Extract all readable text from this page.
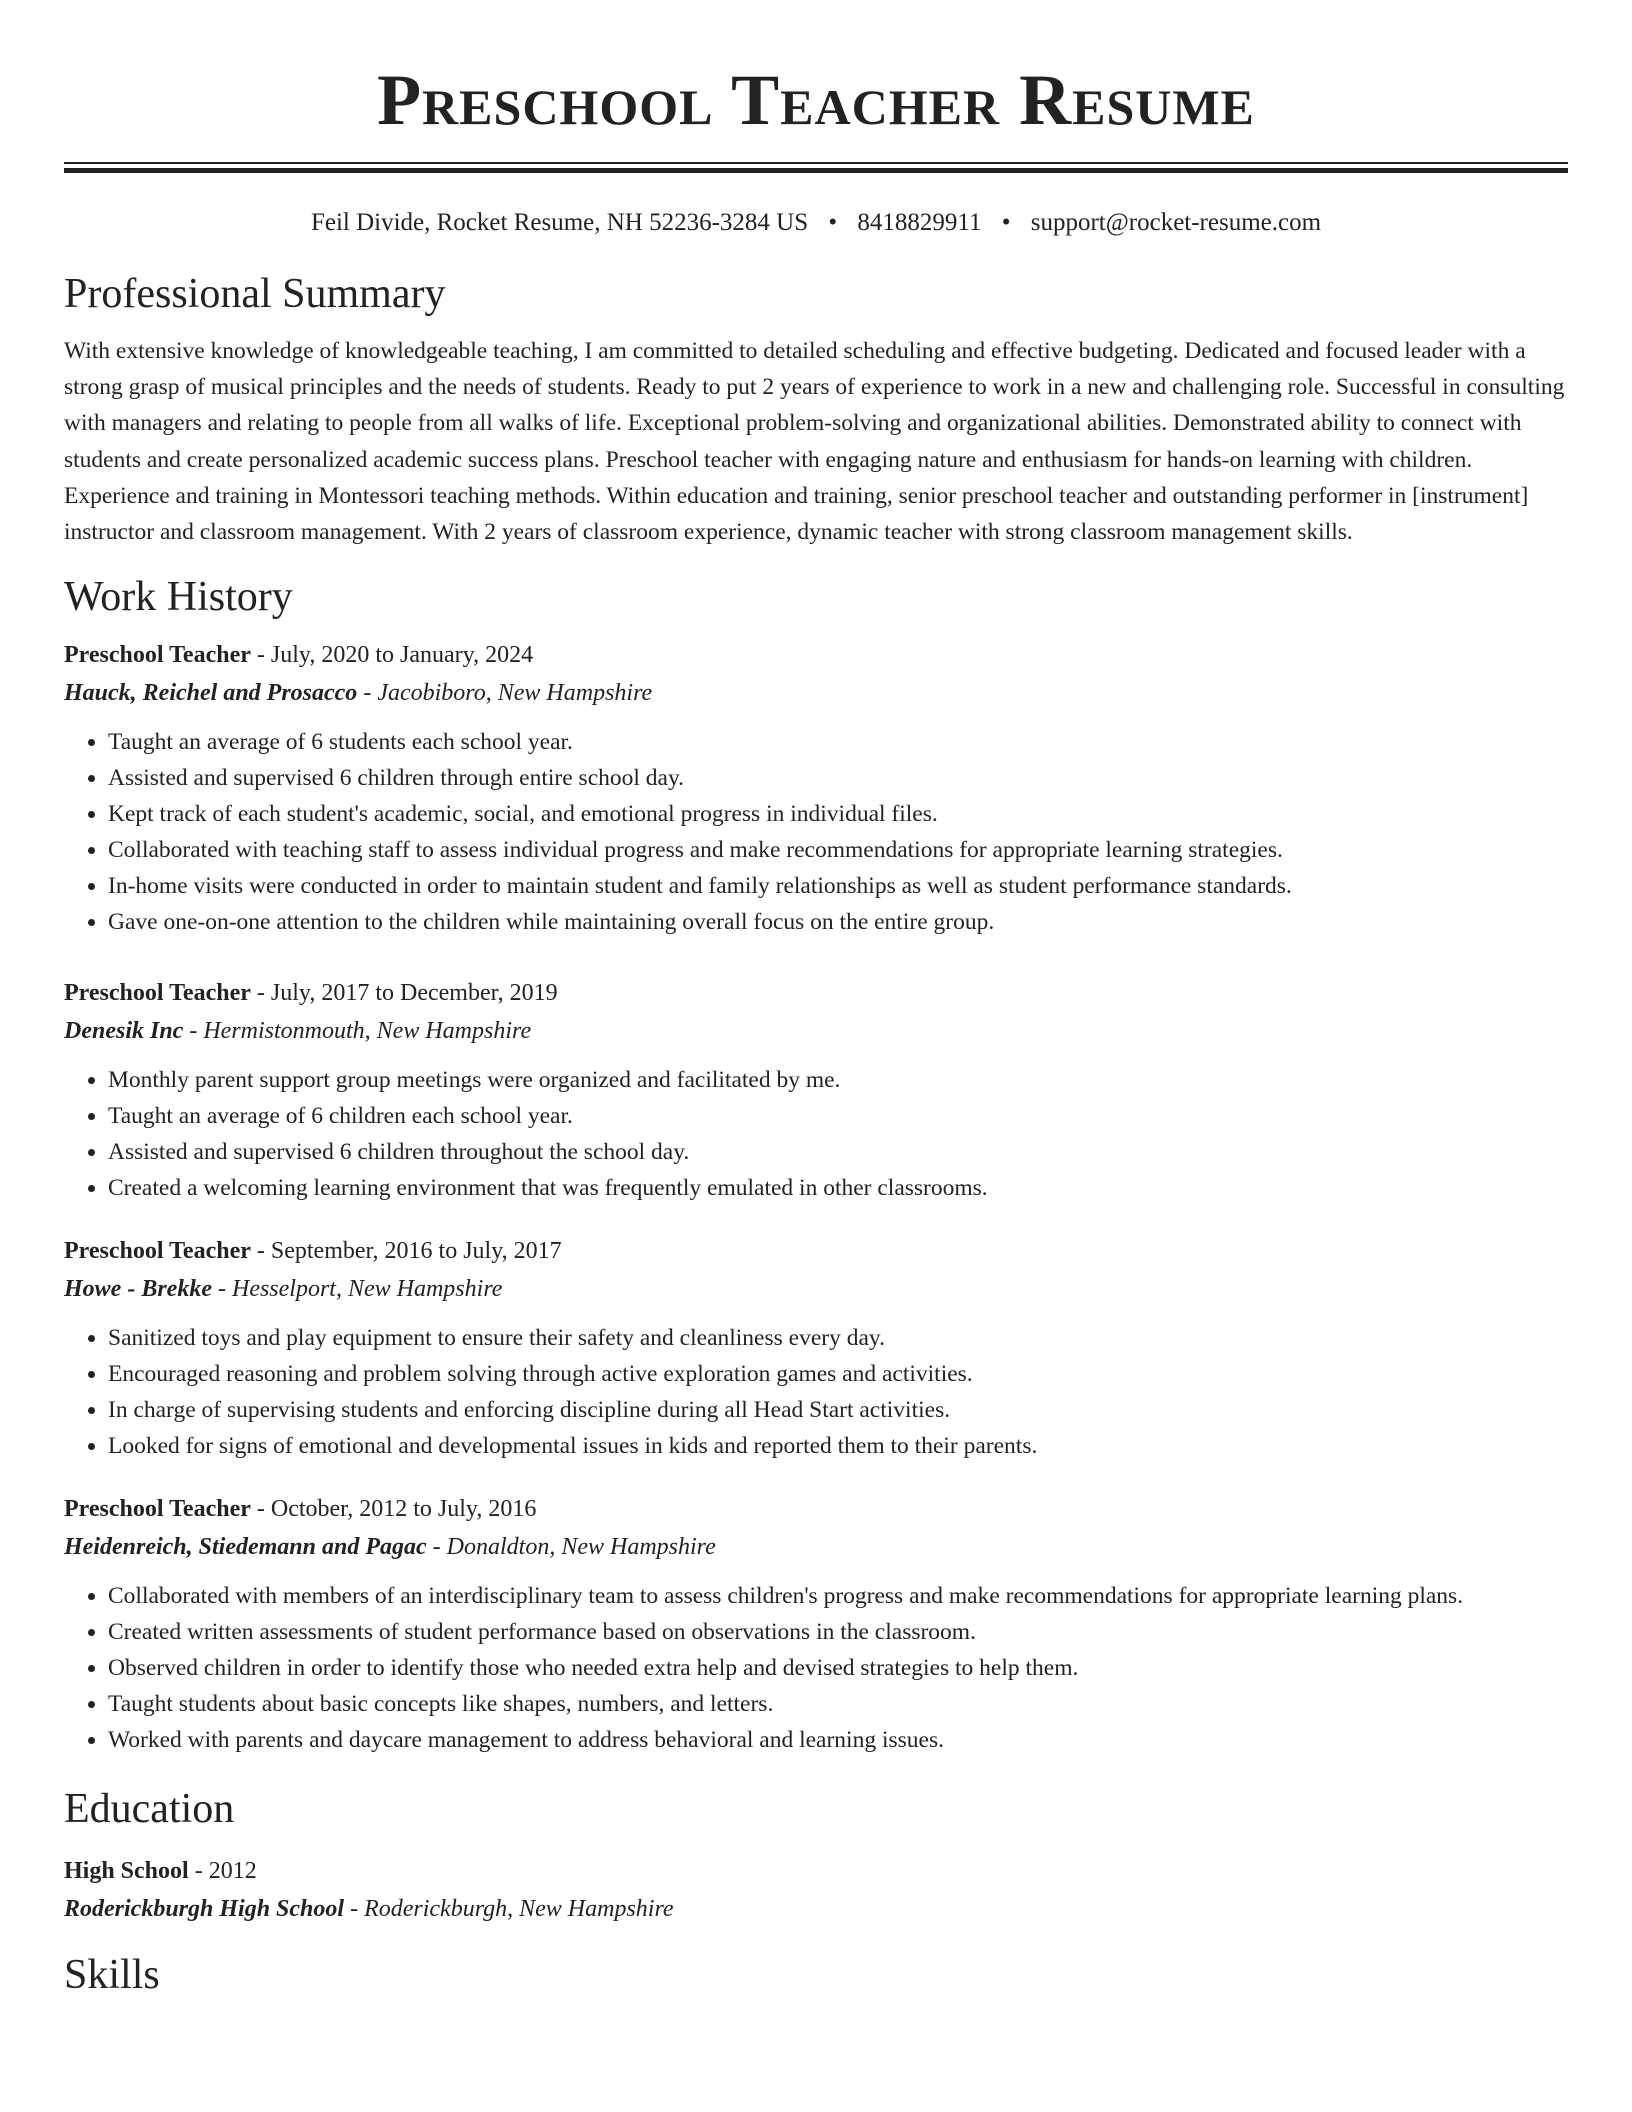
Preschool Teacher Resume
Feil Divide, Rocket Resume, NH 52236-3284 US • 8418829911 • support@rocket-resume.com
Professional Summary

With extensive knowledge of knowledgeable teaching, I am committed to detailed scheduling and effective budgeting. Dedicated and focused leader with a strong grasp of musical principles and the needs of students. Ready to put 2 years of experience to work in a new and challenging role. Successful in consulting with managers and relating to people from all walks of life. Exceptional problem-solving and organizational abilities. Demonstrated ability to connect with students and create personalized academic success plans. Preschool teacher with engaging nature and enthusiasm for hands-on learning with children. Experience and training in Montessori teaching methods. Within education and training, senior preschool teacher and outstanding performer in [instrument] instructor and classroom management. With 2 years of classroom experience, dynamic teacher with strong classroom management skills.

Work History

Preschool Teacher - July, 2020 to January, 2024

Hauck, Reichel and Prosacco - Jacobiboro, New Hampshire

• Taught an average of 6 students each school year.
• Assisted and supervised 6 children through entire school day.
• Kept track of each student's academic, social, and emotional progress in individual files.
• Collaborated with teaching staff to assess individual progress and make recommendations for appropriate learning strategies.
• In-home visits were conducted in order to maintain student and family relationships as well as student performance standards.
• Gave one-on-one attention to the children while maintaining overall focus on the entire group.

Preschool Teacher - July, 2017 to December, 2019

Denesik Inc - Hermistonmouth, New Hampshire

• Monthly parent support group meetings were organized and facilitated by me.
• Taught an average of 6 children each school year.
• Assisted and supervised 6 children throughout the school day.
• Created a welcoming learning environment that was frequently emulated in other classrooms.

Preschool Teacher - September, 2016 to July, 2017

Howe - Brekke - Hesselport, New Hampshire

• Sanitized toys and play equipment to ensure their safety and cleanliness every day.
• Encouraged reasoning and problem solving through active exploration games and activities.
• In charge of supervising students and enforcing discipline during all Head Start activities.
• Looked for signs of emotional and developmental issues in kids and reported them to their parents.

Preschool Teacher - October, 2012 to July, 2016

Heidenreich, Stiedemann and Pagac - Donaldton, New Hampshire

• Collaborated with members of an interdisciplinary team to assess children's progress and make recommendations for appropriate learning plans.
• Created written assessments of student performance based on observations in the classroom.
• Observed children in order to identify those who needed extra help and devised strategies to help them.
• Taught students about basic concepts like shapes, numbers, and letters.
• Worked with parents and daycare management to address behavioral and learning issues.
Education

High School - 2012

Roderickburgh High School - Roderickburgh, New Hampshire

Skills
